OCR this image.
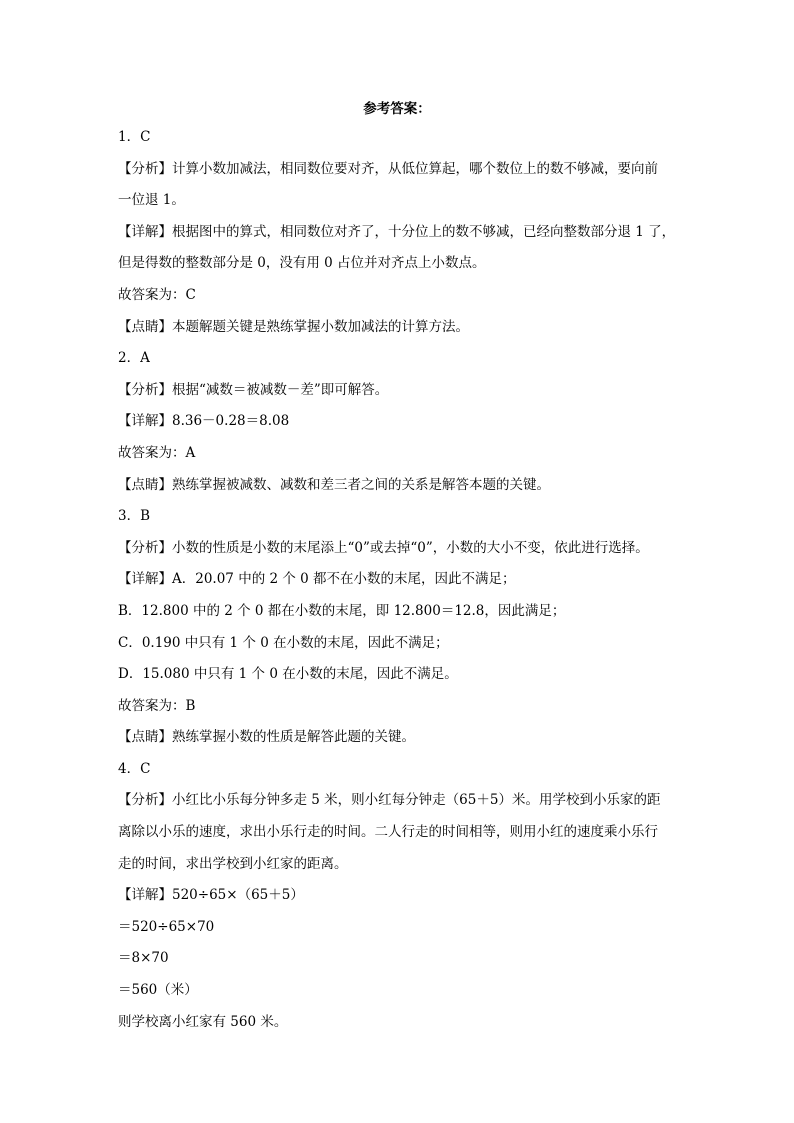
参考答案：
1．C
【分析】计算小数加减法，相同数位要对齐，从低位算起，哪个数位上的数不够减，要向前
一位退 1。
【详解】根据图中的算式，相同数位对齐了，十分位上的数不够减，已经向整数部分退 1 了，
但是得数的整数部分是 0，没有用 0 占位并对齐点上小数点。
故答案为：C
【点睛】本题解题关键是熟练掌握小数加减法的计算方法。
2．A
【分析】根据“减数＝被减数－差”即可解答。
【详解】8.36－0.28＝8.08
故答案为：A
【点睛】熟练掌握被减数、减数和差三者之间的关系是解答本题的关键。
3．B
【分析】小数的性质是小数的末尾添上“0”或去掉“0”，小数的大小不变，依此进行选择。
【详解】A．20.07 中的 2 个 0 都不在小数的末尾，因此不满足；
B．12.800 中的 2 个 0 都在小数的末尾，即 12.800＝12.8，因此满足；
C．0.190 中只有 1 个 0 在小数的末尾，因此不满足；
D．15.080 中只有 1 个 0 在小数的末尾，因此不满足。
故答案为：B
【点睛】熟练掌握小数的性质是解答此题的关键。
4．C
【分析】小红比小乐每分钟多走 5 米，则小红每分钟走（65＋5）米。用学校到小乐家的距
离除以小乐的速度，求出小乐行走的时间。二人行走的时间相等，则用小红的速度乘小乐行
走的时间，求出学校到小红家的距离。
【详解】520÷65×（65＋5）
＝520÷65×70
＝8×70
＝560（米）
则学校离小红家有 560 米。
